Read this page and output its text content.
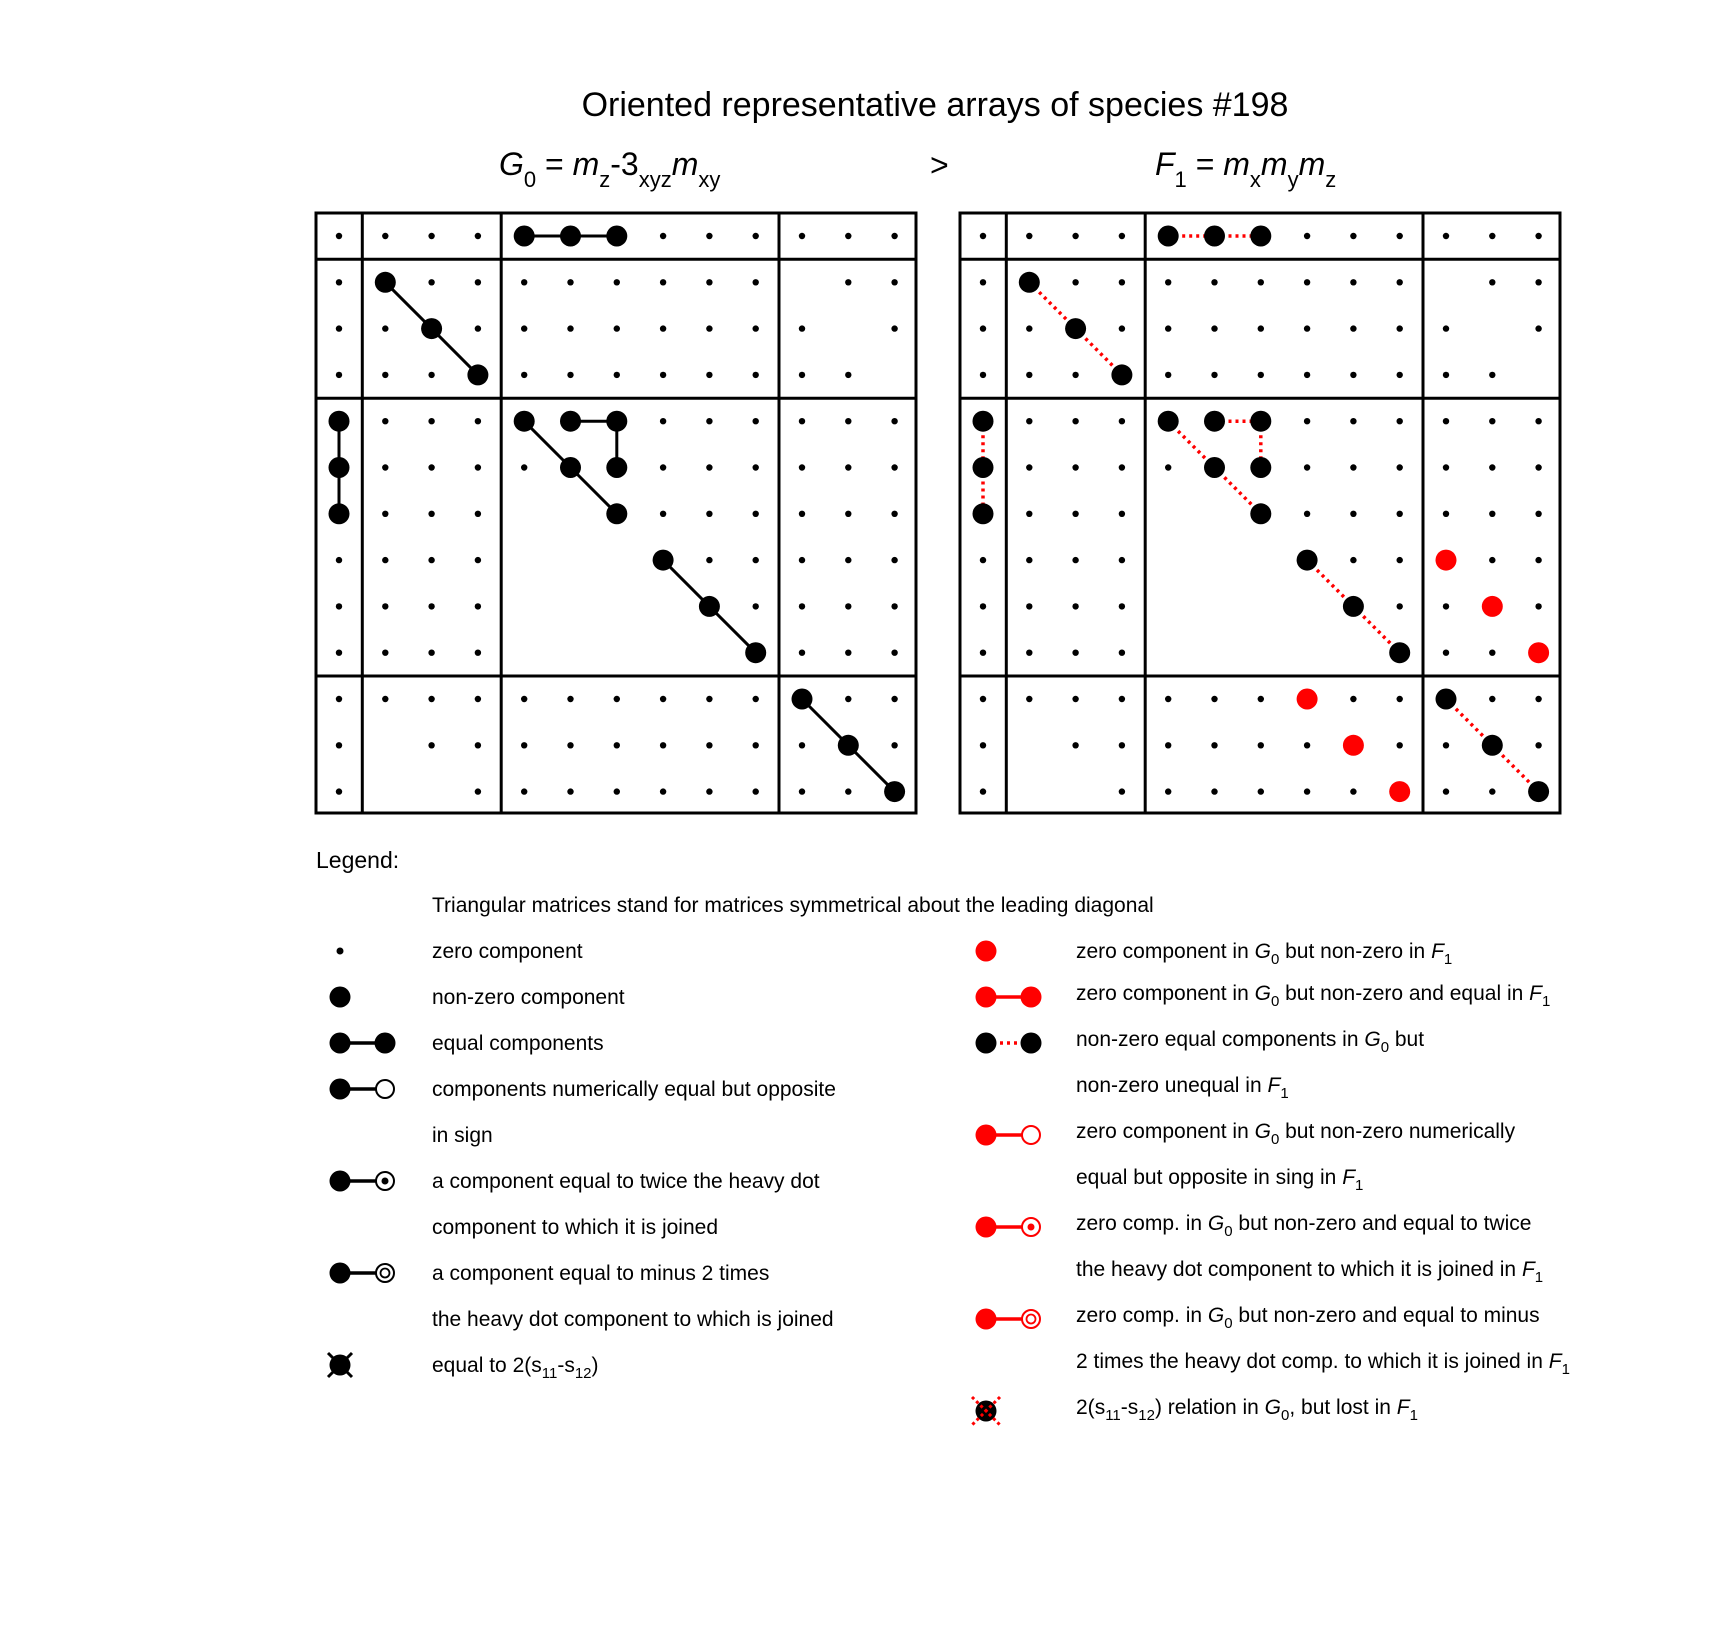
Oriented representative arrays of species #198
$G_0 = m_z-3_{xyz}m_{xy}$	>	$F_1 = m_xm_ym_z$
Legend:
Triangular matrices stand for matrices symmetrical about the leading diagonal
zero component
non-zero component
equal components
components numerically equal but opposite
in sign
a component equal to twice the heavy dot
component to which it is joined
a component equal to minus 2 times
the heavy dot component to which is joined
equal to $2(s_{11}-s_{12})$
zero component in $G_0$ but non-zero in $F_1$
zero component in $G_0$ but non-zero and equal in $F_1$
non-zero equal components in $G_0$ but
non-zero unequal in $F_1$
zero component in $G_0$ but non-zero numerically
equal but opposite in sing in $F_1$
zero comp. in $G_0$ but non-zero and equal to twice
the heavy dot component to which it is joined in $F_1$
zero comp. in $G_0$ but non-zero and equal to minus
2 times the heavy dot comp. to which it is joined in $F_1$
$2(s_{11}-s_{12})$ relation in $G_0$, but lost in $F_1$
